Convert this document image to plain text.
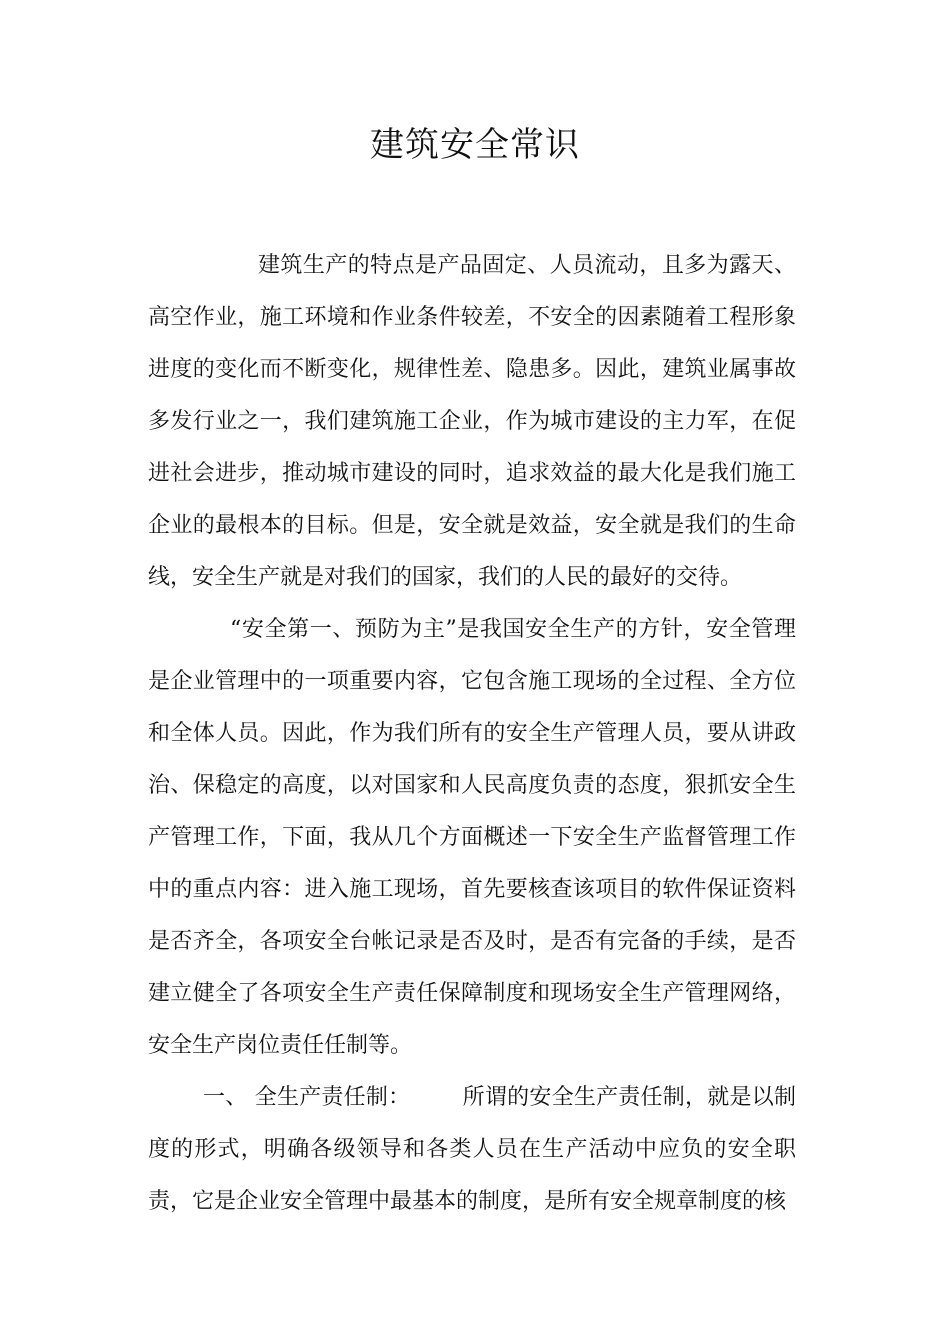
建筑安全常识

建筑生产的特点是产品固定、人员流动，且多为露天、高空作业，施工环境和作业条件较差，不安全的因素随着工程形象进度的变化而不断变化，规律性差、隐患多。因此，建筑业属事故多发行业之一，我们建筑施工企业，作为城市建设的主力军，在促进社会进步，推动城市建设的同时，追求效益的最大化是我们施工企业的最根本的目标。但是，安全就是效益，安全就是我们的生命线，安全生产就是对我们的国家，我们的人民的最好的交待。

“安全第一、预防为主”是我国安全生产的方针，安全管理是企业管理中的一项重要内容，它包含施工现场的全过程、全方位和全体人员。因此，作为我们所有的安全生产管理人员，要从讲政治、保稳定的高度，以对国家和人民高度负责的态度，狠抓安全生产管理工作，下面，我从几个方面概述一下安全生产监督管理工作中的重点内容：进入施工现场，首先要核查该项目的软件保证资料是否齐全，各项安全台帐记录是否及时，是否有完备的手续，是否建立健全了各项安全生产责任保障制度和现场安全生产管理网络，安全生产岗位责任任制等。

一、 全生产责任制： 所谓的安全生产责任制，就是以制度的形式，明确各级领导和各类人员在生产活动中应负的安全职责，它是企业安全管理中最基本的制度，是所有安全规章制度的核
